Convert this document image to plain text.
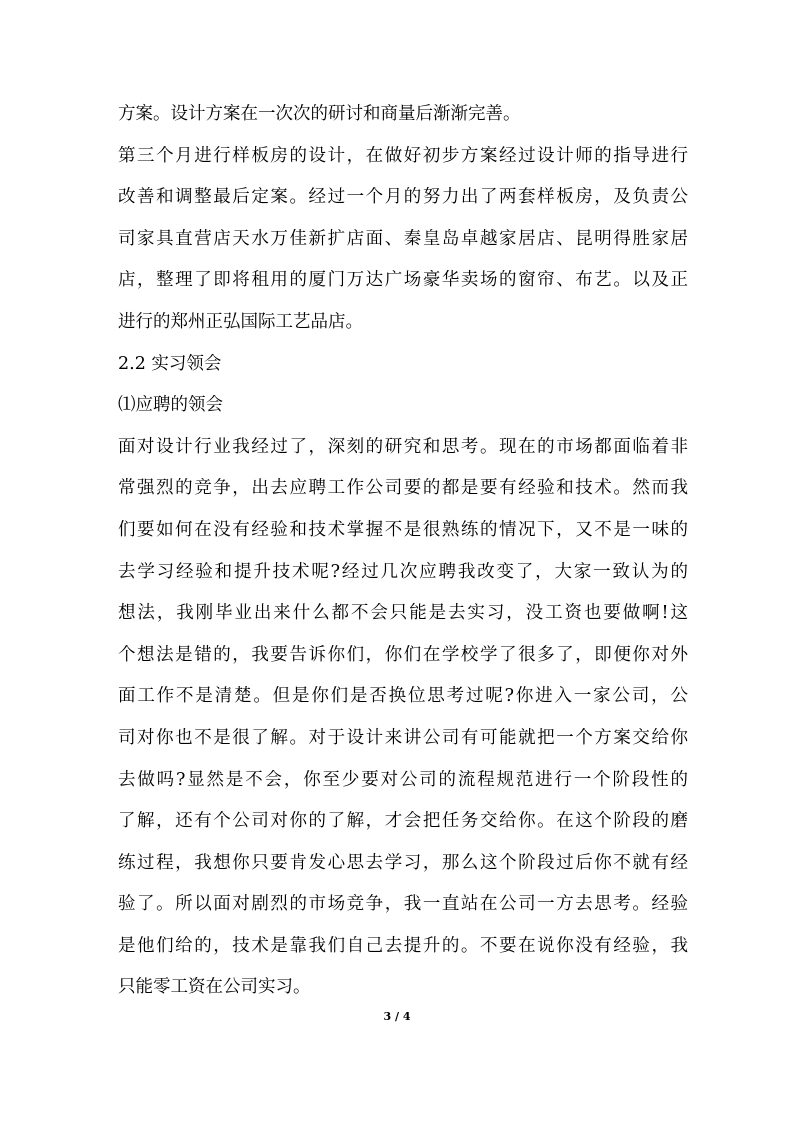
方案。设计方案在一次次的研讨和商量后渐渐完善。
第三个月进行样板房的设计，在做好初步方案经过设计师的指导进行
改善和调整最后定案。经过一个月的努力出了两套样板房，及负责公
司家具直营店天水万佳新扩店面、秦皇岛卓越家居店、昆明得胜家居
店，整理了即将租用的厦门万达广场豪华卖场的窗帘、布艺。以及正
进行的郑州正弘国际工艺品店。
2.2 实习领会
⑴应聘的领会
面对设计行业我经过了，深刻的研究和思考。现在的市场都面临着非
常强烈的竞争，出去应聘工作公司要的都是要有经验和技术。然而我
们要如何在没有经验和技术掌握不是很熟练的情况下，又不是一味的
去学习经验和提升技术呢?经过几次应聘我改变了，大家一致认为的
想法，我刚毕业出来什么都不会只能是去实习，没工资也要做啊!这
个想法是错的，我要告诉你们，你们在学校学了很多了，即便你对外
面工作不是清楚。但是你们是否换位思考过呢?你进入一家公司，公
司对你也不是很了解。对于设计来讲公司有可能就把一个方案交给你
去做吗?显然是不会，你至少要对公司的流程规范进行一个阶段性的
了解，还有个公司对你的了解，才会把任务交给你。在这个阶段的磨
练过程，我想你只要肯发心思去学习，那么这个阶段过后你不就有经
验了。所以面对剧烈的市场竞争，我一直站在公司一方去思考。经验
是他们给的，技术是靠我们自己去提升的。不要在说你没有经验，我
只能零工资在公司实习。
3 / 4
